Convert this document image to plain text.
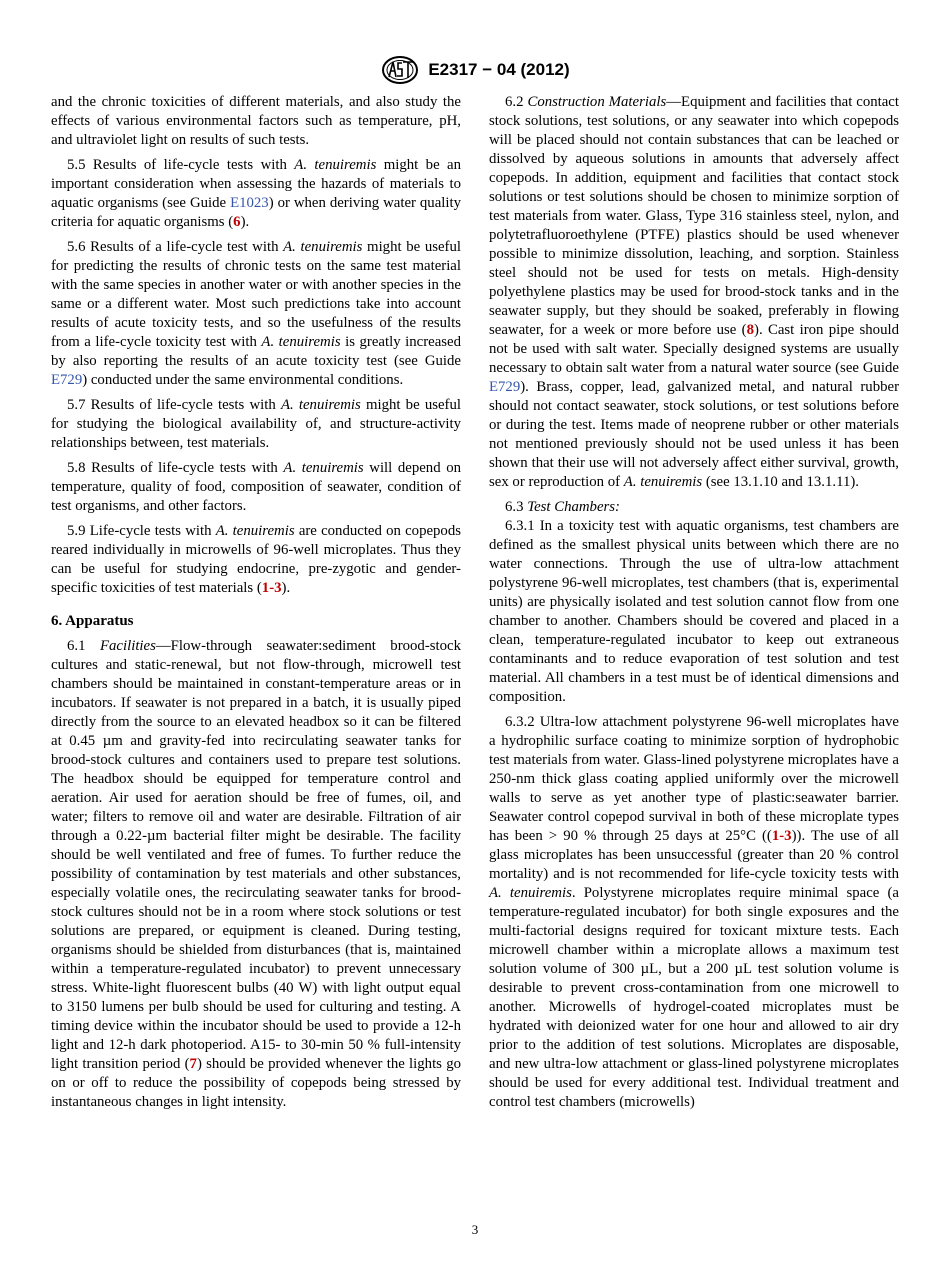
E2317 − 04 (2012)

and the chronic toxicities of different materials, and also study the effects of various environmental factors such as temperature, pH, and ultraviolet light on results of such tests.

5.5 Results of life-cycle tests with A. tenuiremis might be an important consideration when assessing the hazards of materials to aquatic organisms (see Guide E1023) or when deriving water quality criteria for aquatic organisms (6).

5.6 Results of a life-cycle test with A. tenuiremis might be useful for predicting the results of chronic tests on the same test material with the same species in another water or with another species in the same or a different water. Most such predictions take into account results of acute toxicity tests, and so the usefulness of the results from a life-cycle toxicity test with A. tenuiremis is greatly increased by also reporting the results of an acute toxicity test (see Guide E729) conducted under the same environmental conditions.

5.7 Results of life-cycle tests with A. tenuiremis might be useful for studying the biological availability of, and structure-activity relationships between, test materials.

5.8 Results of life-cycle tests with A. tenuiremis will depend on temperature, quality of food, composition of seawater, condition of test organisms, and other factors.

5.9 Life-cycle tests with A. tenuiremis are conducted on copepods reared individually in microwells of 96-well microplates. Thus they can be useful for studying endocrine, pre-zygotic and gender-specific toxicities of test materials (1-3).

6. Apparatus

6.1 Facilities—Flow-through seawater:sediment brood-stock cultures and static-renewal, but not flow-through, microwell test chambers should be maintained in constant-temperature areas or in incubators. If seawater is not prepared in a batch, it is usually piped directly from the source to an elevated headbox so it can be filtered at 0.45 µm and gravity-fed into recirculating seawater tanks for brood-stock cultures and containers used to prepare test solutions. The headbox should be equipped for temperature control and aeration. Air used for aeration should be free of fumes, oil, and water; filters to remove oil and water are desirable. Filtration of air through a 0.22-µm bacterial filter might be desirable. The facility should be well ventilated and free of fumes. To further reduce the possibility of contamination by test materials and other substances, especially volatile ones, the recirculating seawater tanks for brood-stock cultures should not be in a room where stock solutions or test solutions are prepared, or equipment is cleaned. During testing, organisms should be shielded from disturbances (that is, maintained within a temperature-regulated incubator) to prevent unnecessary stress. White-light fluorescent bulbs (40 W) with light output equal to 3150 lumens per bulb should be used for culturing and testing. A timing device within the incubator should be used to provide a 12-h light and 12-h dark photoperiod. A15- to 30-min 50 % full-intensity light transition period (7) should be provided whenever the lights go on or off to reduce the possibility of copepods being stressed by instantaneous changes in light intensity.

6.2 Construction Materials—Equipment and facilities that contact stock solutions, test solutions, or any seawater into which copepods will be placed should not contain substances that can be leached or dissolved by aqueous solutions in amounts that adversely affect copepods. In addition, equipment and facilities that contact stock solutions or test solutions should be chosen to minimize sorption of test materials from water. Glass, Type 316 stainless steel, nylon, and polytetrafluoroethylene (PTFE) plastics should be used whenever possible to minimize dissolution, leaching, and sorption. Stainless steel should not be used for tests on metals. High-density polyethylene plastics may be used for brood-stock tanks and in the seawater supply, but they should be soaked, preferably in flowing seawater, for a week or more before use (8). Cast iron pipe should not be used with salt water. Specially designed systems are usually necessary to obtain salt water from a natural water source (see Guide E729). Brass, copper, lead, galvanized metal, and natural rubber should not contact seawater, stock solutions, or test solutions before or during the test. Items made of neoprene rubber or other materials not mentioned previously should not be used unless it has been shown that their use will not adversely affect either survival, growth, sex or reproduction of A. tenuiremis (see 13.1.10 and 13.1.11).

6.3 Test Chambers:

6.3.1 In a toxicity test with aquatic organisms, test chambers are defined as the smallest physical units between which there are no water connections. Through the use of ultra-low attachment polystyrene 96-well microplates, test chambers (that is, experimental units) are physically isolated and test solution cannot flow from one chamber to another. Chambers should be covered and placed in a clean, temperature-regulated incubator to keep out extraneous contaminants and to reduce evaporation of test solution and test material. All chambers in a test must be of identical dimensions and composition.

6.3.2 Ultra-low attachment polystyrene 96-well microplates have a hydrophilic surface coating to minimize sorption of hydrophobic test materials from water. Glass-lined polystyrene microplates have a 250-nm thick glass coating applied uniformly over the microwell walls to serve as yet another type of plastic:seawater barrier. Seawater control copepod survival in both of these microplate types has been > 90 % through 25 days at 25°C ((1-3)). The use of all glass microplates has been unsuccessful (greater than 20 % control mortality) and is not recommended for life-cycle toxicity tests with A. tenuiremis. Polystyrene microplates require minimal space (a temperature-regulated incubator) for both single exposures and the multi-factorial designs required for toxicant mixture tests. Each microwell chamber within a microplate allows a maximum test solution volume of 300 µL, but a 200 µL test solution volume is desirable to prevent cross-contamination from one microwell to another. Microwells of hydrogel-coated microplates must be hydrated with deionized water for one hour and allowed to air dry prior to the addition of test solutions. Microplates are disposable, and new ultra-low attachment or glass-lined polystyrene microplates should be used for every additional test. Individual treatment and control test chambers (microwells)

3
